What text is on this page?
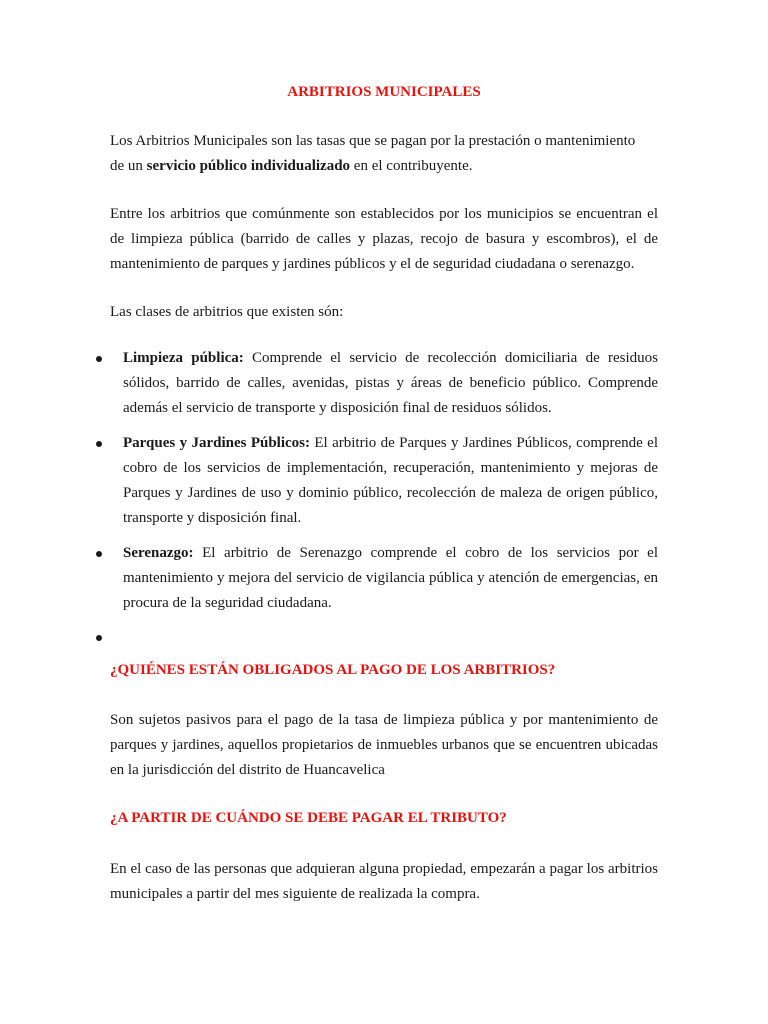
ARBITRIOS MUNICIPALES

Los Arbitrios Municipales son las tasas que se pagan por la prestación o mantenimiento
de un servicio público individualizado en el contribuyente.

Entre los arbitrios que comúnmente son establecidos por los municipios se encuentran el de limpieza pública (barrido de calles y plazas, recojo de basura y escombros), el de mantenimiento de parques y jardines públicos y el de seguridad ciudadana o serenazgo.

Las clases de arbitrios que existen són:

Limpieza pública: Comprende el servicio de recolección domiciliaria de residuos sólidos, barrido de calles, avenidas, pistas y áreas de beneficio público. Comprende además el servicio de transporte y disposición final de residuos sólidos.

Parques y Jardines Públicos: El arbitrio de Parques y Jardines Públicos, comprende el cobro de los servicios de implementación, recuperación, mantenimiento y mejoras de Parques y Jardines de uso y dominio público, recolección de maleza de origen público, transporte y disposición final.

Serenazgo: El arbitrio de Serenazgo comprende el cobro de los servicios por el mantenimiento y mejora del servicio de vigilancia pública y atención de emergencias, en procura de la seguridad ciudadana.

¿QUIÉNES ESTÁN OBLIGADOS AL PAGO DE LOS ARBITRIOS?

Son sujetos pasivos para el pago de la tasa de limpieza pública y por mantenimiento de parques y jardines, aquellos propietarios de inmuebles urbanos que se encuentren ubicadas en la jurisdicción del distrito de Huancavelica

¿A PARTIR DE CUÁNDO SE DEBE PAGAR EL TRIBUTO?

En el caso de las personas que adquieran alguna propiedad, empezarán a pagar los arbitrios municipales a partir del mes siguiente de realizada la compra.
